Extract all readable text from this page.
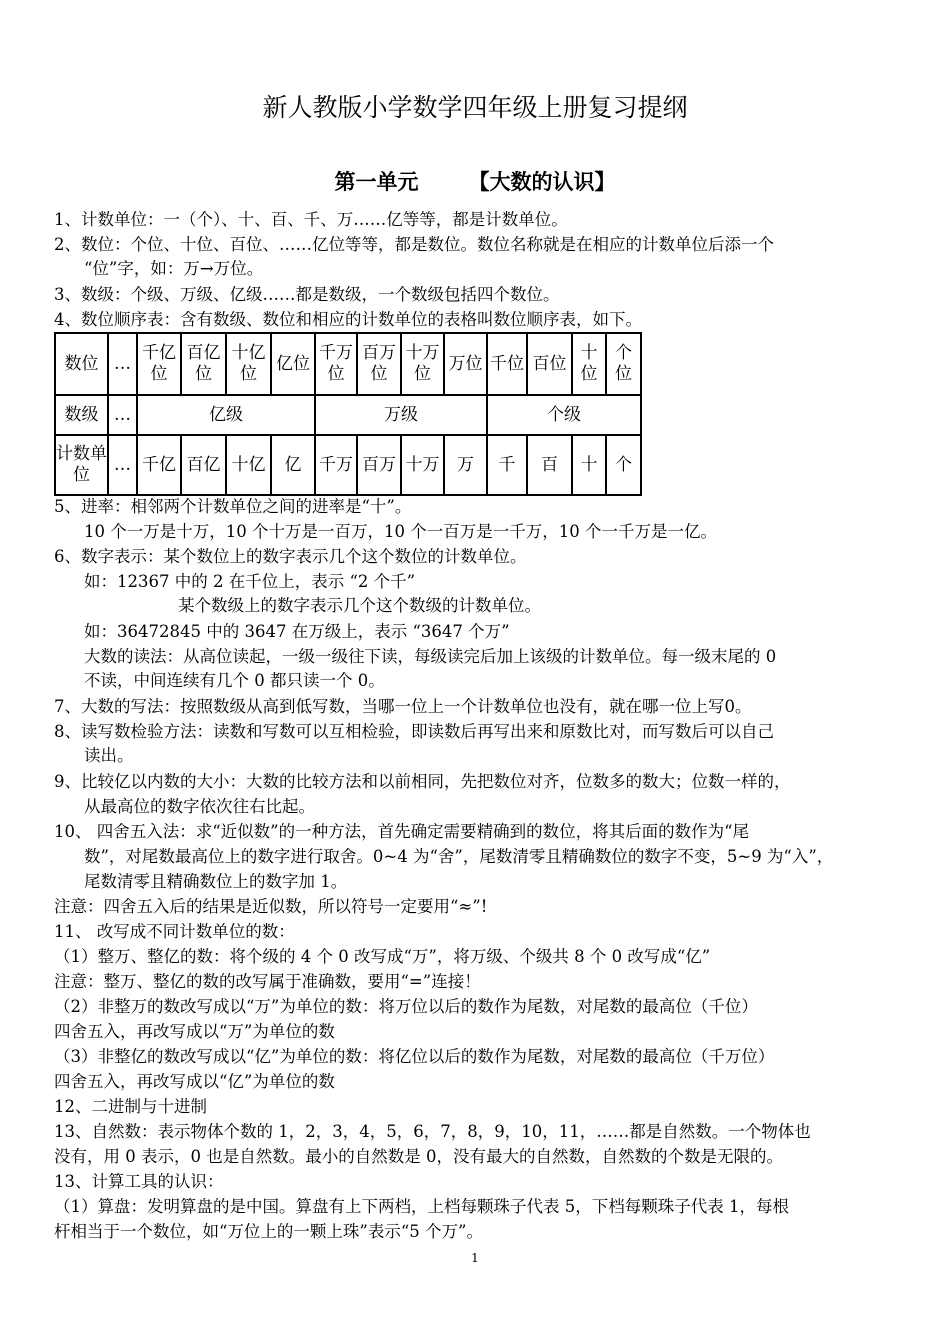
新人教版小学数学四年级上册复习提纲
第一单元 【大数的认识】
1、计数单位：一（个）、十、百、千、万……亿等等，都是计数单位。
2、数位：个位、十位、百位、……亿位等等，都是数位。数位名称就是在相应的计数单位后添一个
“位”字，如：万→万位。
3、数级：个级、万级、亿级……都是数级，一个数级包括四个数位。
4、数位顺序表：含有数级、数位和相应的计数单位的表格叫数位顺序表，如下。
数位	…	千亿位	百亿位	十亿位	亿位	千万位	百万位	十万位	万位	千位	百位	十位	个位
数级	…	亿级				万级				个级			
计数单位	…	千亿	百亿	十亿	亿	千万	百万	十万	万	千	百	十	个
5、进率：相邻两个计数单位之间的进率是“十”。
10 个一万是十万，10 个十万是一百万，10 个一百万是一千万，10 个一千万是一亿。
6、数字表示：某个数位上的数字表示几个这个数位的计数单位。
如：12367 中的 2 在千位上，表示 “2 个千”
某个数级上的数字表示几个这个数级的计数单位。
如：36472845 中的 3647 在万级上，表示 “3647 个万”
大数的读法：从高位读起，一级一级往下读，每级读完后加上该级的计数单位。每一级末尾的 0
不读，中间连续有几个 0 都只读一个 0。
7、大数的写法：按照数级从高到低写数，当哪一位上一个计数单位也没有，就在哪一位上写0。
8、读写数检验方法：读数和写数可以互相检验，即读数后再写出来和原数比对，而写数后可以自己
读出。
9、比较亿以内数的大小：大数的比较方法和以前相同，先把数位对齐，位数多的数大；位数一样的，
从最高位的数字依次往右比起。
10、 四舍五入法：求“近似数”的一种方法，首先确定需要精确到的数位，将其后面的数作为“尾
数”，对尾数最高位上的数字进行取舍。0~4 为“舍”，尾数清零且精确数位的数字不变，5~9 为“入”，
尾数清零且精确数位上的数字加 1。
注意：四舍五入后的结果是近似数，所以符号一定要用“≈”!
11、 改写成不同计数单位的数：
（1）整万、整亿的数：将个级的 4 个 0 改写成“万”，将万级、个级共 8 个 0 改写成“亿”
注意：整万、整亿的数的改写属于准确数，要用“=”连接！
（2）非整万的数改写成以“万”为单位的数：将万位以后的数作为尾数，对尾数的最高位（千位）
四舍五入，再改写成以“万”为单位的数
（3）非整亿的数改写成以“亿”为单位的数：将亿位以后的数作为尾数，对尾数的最高位（千万位）
四舍五入，再改写成以“亿”为单位的数
12、二进制与十进制
13、自然数：表示物体个数的 1，2，3，4，5，6，7，8，9，10，11，……都是自然数。一个物体也
没有，用 0 表示，0 也是自然数。最小的自然数是 0，没有最大的自然数，自然数的个数是无限的。
13、计算工具的认识：
（1）算盘：发明算盘的是中国。算盘有上下两档，上档每颗珠子代表 5，下档每颗珠子代表 1，每根
杆相当于一个数位，如“万位上的一颗上珠”表示“5 个万”。
1
